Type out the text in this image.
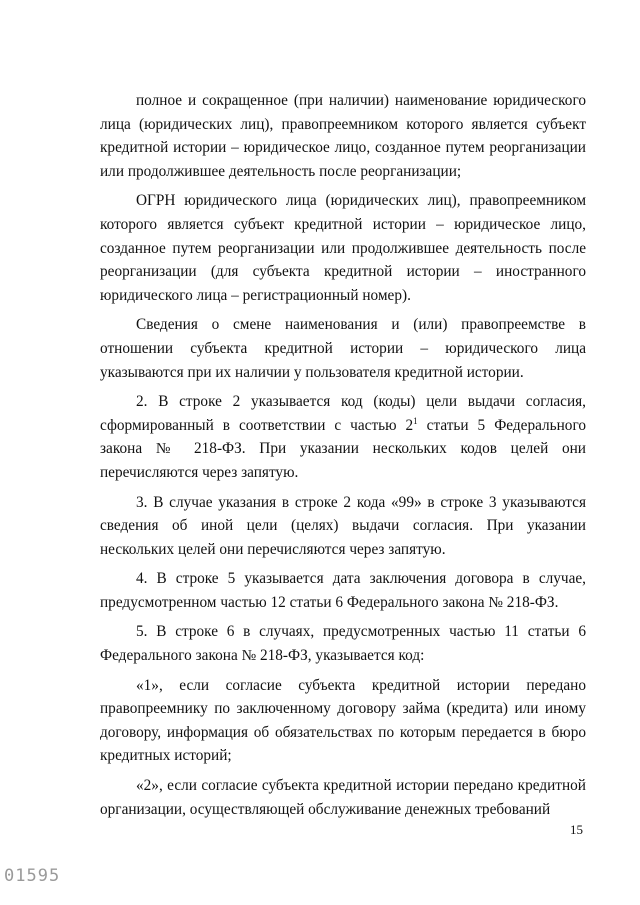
полное и сокращенное (при наличии) наименование юридического лица (юридических лиц), правопреемником которого является субъект кредитной истории – юридическое лицо, созданное путем реорганизации или продолжившее деятельность после реорганизации;

ОГРН юридического лица (юридических лиц), правопреемником которого является субъект кредитной истории – юридическое лицо, созданное путем реорганизации или продолжившее деятельность после реорганизации (для субъекта кредитной истории – иностранного юридического лица – регистрационный номер).

Сведения о смене наименования и (или) правопреемстве в отношении субъекта кредитной истории – юридического лица указываются при их наличии у пользователя кредитной истории.

2. В строке 2 указывается код (коды) цели выдачи согласия, сформированный в соответствии с частью $2^1$ статьи 5 Федерального закона № 218-ФЗ. При указании нескольких кодов целей они перечисляются через запятую.

3. В случае указания в строке 2 кода «99» в строке 3 указываются сведения об иной цели (целях) выдачи согласия. При указании нескольких целей они перечисляются через запятую.

4. В строке 5 указывается дата заключения договора в случае, предусмотренном частью 12 статьи 6 Федерального закона № 218-ФЗ.

5. В строке 6 в случаях, предусмотренных частью 11 статьи 6 Федерального закона № 218-ФЗ, указывается код:

«1», если согласие субъекта кредитной истории передано правопреемнику по заключенному договору займа (кредита) или иному договору, информация об обязательствах по которым передается в бюро кредитных историй;

«2», если согласие субъекта кредитной истории передано кредитной организации, осуществляющей обслуживание денежных требований

15
01595
